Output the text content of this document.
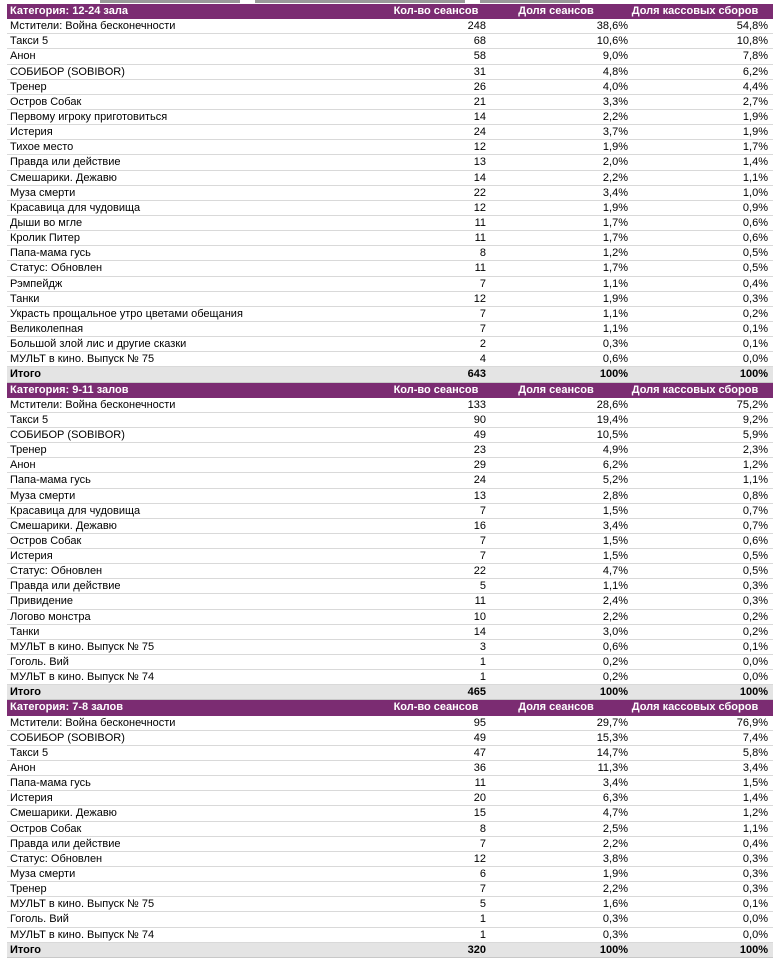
Категория: 12-24 зала	Кол-во сеансов	Доля сеансов	Доля кассовых сборов
Мстители: Война бесконечности	248	38,6%	54,8%
Такси 5	68	10,6%	10,8%
Анон	58	9,0%	7,8%
СОБИБОР (SOBIBOR)	31	4,8%	6,2%
Тренер	26	4,0%	4,4%
Остров Собак	21	3,3%	2,7%
Первому игроку приготовиться	14	2,2%	1,9%
Истерия	24	3,7%	1,9%
Тихое место	12	1,9%	1,7%
Правда или действие	13	2,0%	1,4%
Смешарики. Дежавю	14	2,2%	1,1%
Муза смерти	22	3,4%	1,0%
Красавица для чудовища	12	1,9%	0,9%
Дыши во мгле	11	1,7%	0,6%
Кролик Питер	11	1,7%	0,6%
Папа-мама гусь	8	1,2%	0,5%
Статус: Обновлен	11	1,7%	0,5%
Рэмпейдж	7	1,1%	0,4%
Танки	12	1,9%	0,3%
Украсть прощальное утро цветами обещания	7	1,1%	0,2%
Великолепная	7	1,1%	0,1%
Большой злой лис и другие сказки	2	0,3%	0,1%
МУЛЬТ в кино. Выпуск № 75	4	0,6%	0,0%
Итого	643	100%	100%
Категория: 9-11 залов	Кол-во сеансов	Доля сеансов	Доля кассовых сборов
Мстители: Война бесконечности	133	28,6%	75,2%
Такси 5	90	19,4%	9,2%
СОБИБОР (SOBIBOR)	49	10,5%	5,9%
Тренер	23	4,9%	2,3%
Анон	29	6,2%	1,2%
Папа-мама гусь	24	5,2%	1,1%
Муза смерти	13	2,8%	0,8%
Красавица для чудовища	7	1,5%	0,7%
Смешарики. Дежавю	16	3,4%	0,7%
Остров Собак	7	1,5%	0,6%
Истерия	7	1,5%	0,5%
Статус: Обновлен	22	4,7%	0,5%
Правда или действие	5	1,1%	0,3%
Привидение	11	2,4%	0,3%
Логово монстра	10	2,2%	0,2%
Танки	14	3,0%	0,2%
МУЛЬТ в кино. Выпуск № 75	3	0,6%	0,1%
Гоголь. Вий	1	0,2%	0,0%
МУЛЬТ в кино. Выпуск № 74	1	0,2%	0,0%
Итого	465	100%	100%
Категория: 7-8 залов	Кол-во сеансов	Доля сеансов	Доля кассовых сборов
Мстители: Война бесконечности	95	29,7%	76,9%
СОБИБОР (SOBIBOR)	49	15,3%	7,4%
Такси 5	47	14,7%	5,8%
Анон	36	11,3%	3,4%
Папа-мама гусь	11	3,4%	1,5%
Истерия	20	6,3%	1,4%
Смешарики. Дежавю	15	4,7%	1,2%
Остров Собак	8	2,5%	1,1%
Правда или действие	7	2,2%	0,4%
Статус: Обновлен	12	3,8%	0,3%
Муза смерти	6	1,9%	0,3%
Тренер	7	2,2%	0,3%
МУЛЬТ в кино. Выпуск № 75	5	1,6%	0,1%
Гоголь. Вий	1	0,3%	0,0%
МУЛЬТ в кино. Выпуск № 74	1	0,3%	0,0%
Итого	320	100%	100%
